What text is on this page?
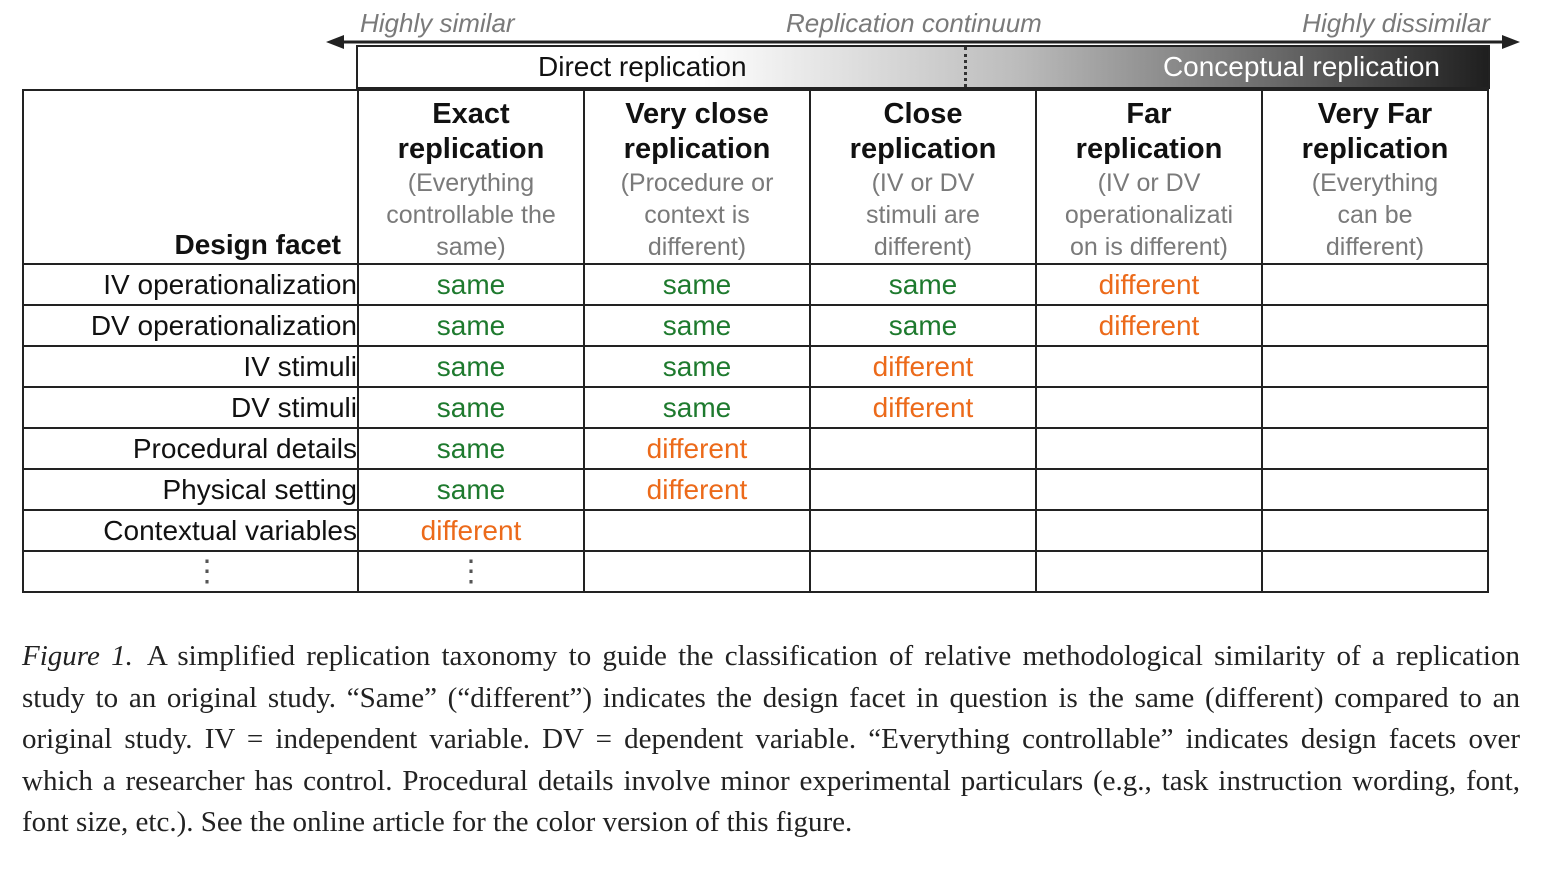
Highly similar	Replication continuum	Highly dissimilar
Direct replication	Conceptual replication
Design facet	Exact
replication
(Everything
controllable the
same)	Very close
replication
(Procedure or
context is
different)	Close
replication
(IV or DV
stimuli are
different)	Far
replication
(IV or DV
operationalizati
on is different)	Very Far
replication
(Everything
can be
different)

IV operationalization	same	same	same	different	
DV operationalization	same	same	same	different	
IV stimuli	same	same	different		
DV stimuli	same	same	different		
Procedural details	same	different			
Physical setting	same	different			
Contextual variables	different				
⋮	⋮				
Figure 1. A simplified replication taxonomy to guide the classification of relative methodological similarity of a replication study to an original study. “Same” (“different”) indicates the design facet in question is the same (different) compared to an original study. IV = independent variable. DV = dependent variable. “Everything controllable” indicates design facets over which a researcher has control. Procedural details involve minor experimental particulars (e.g., task instruction wording, font, font size, etc.). See the online article for the color version of this figure.
